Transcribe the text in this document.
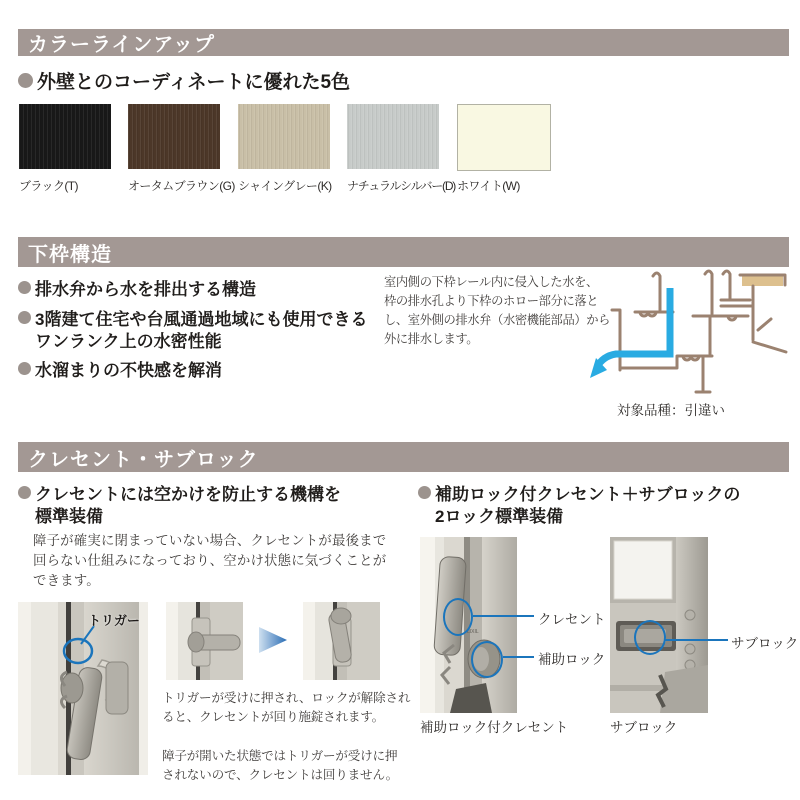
カラーラインアップ
外壁とのコーディネートに優れた5色
ブラック(T)	オータムブラウン(G) シャイングレー(K) ナチュラルシルバー(D) ホワイト(W)
下枠構造
排水弁から水を排出する構造
3階建て住宅や台風通過地域にも使用できる
ワンランク上の水密性能
水溜まりの不快感を解消
室内側の下枠レール内に侵入した水を、
枠の排水孔より下枠のホロー部分に落と
し、室外側の排水弁（水密機能部品）から
外に排水します。
対象品種：引違い
クレセント・サブロック
クレセントには空かけを防止する機構を
標準装備
障子が確実に閉まっていない場合、クレセントが最後まで
回らない仕組みになっており、空かけ状態に気づくことが
できます。
補助ロック付クレセント＋サブロックの
2ロック標準装備
トリガー
トリガーが受けに押され、ロックが解除され
ると、クレセントが回り施錠されます。
障子が開いた状態ではトリガーが受けに押
されないので、クレセントは回りません。
LIXIL
クレセント
補助ロック
補助ロック付クレセント
サブロック
サブロック
